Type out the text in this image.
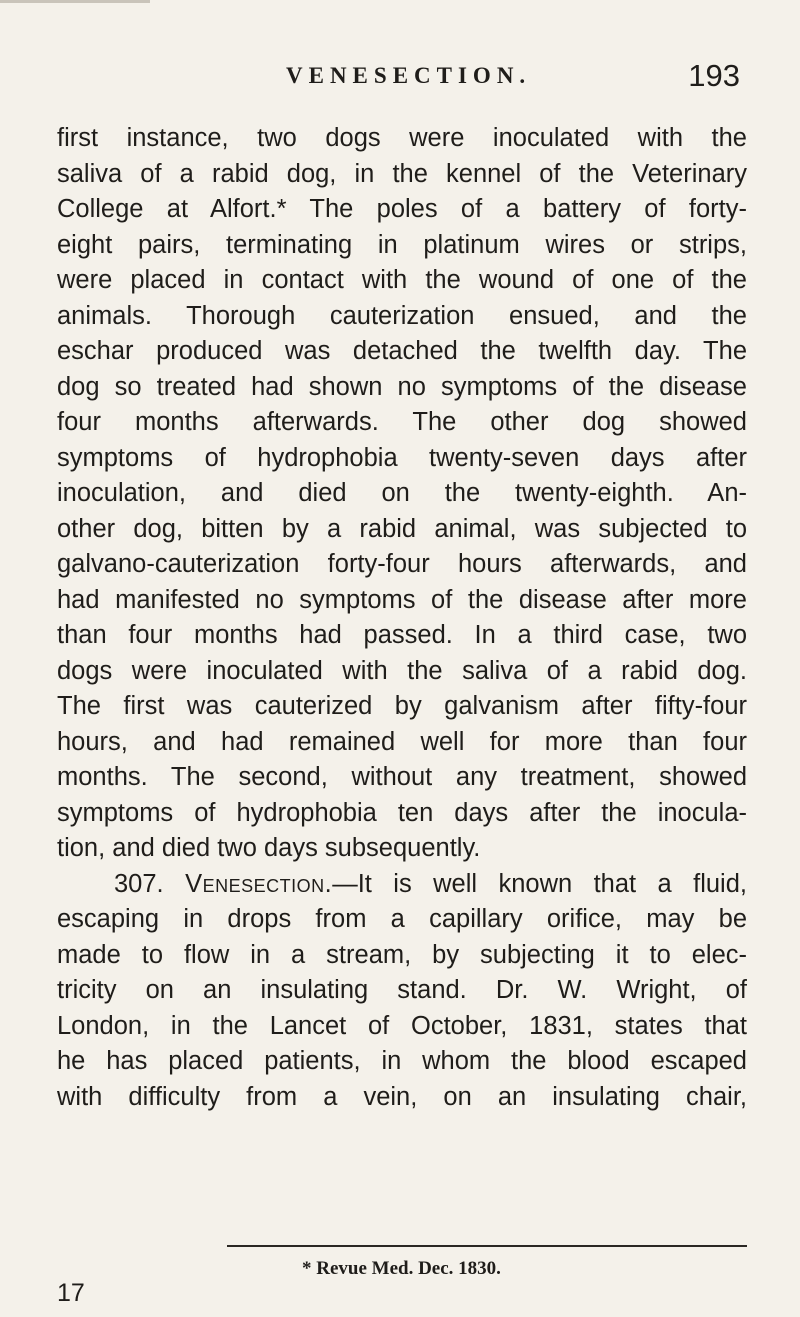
VENESECTION.	193
first instance, two dogs were inoculated with the
saliva of a rabid dog, in the kennel of the Veterinary
College at Alfort.* The poles of a battery of forty-
eight pairs, terminating in platinum wires or strips,
were placed in contact with the wound of one of the
animals. Thorough cauterization ensued, and the
eschar produced was detached the twelfth day. The
dog so treated had shown no symptoms of the disease
four months afterwards. The other dog showed
symptoms of hydrophobia twenty-seven days after
inoculation, and died on the twenty-eighth. An-
other dog, bitten by a rabid animal, was subjected to
galvano-cauterization forty-four hours afterwards, and
had manifested no symptoms of the disease after more
than four months had passed. In a third case, two
dogs were inoculated with the saliva of a rabid dog.
The first was cauterized by galvanism after fifty-four
hours, and had remained well for more than four
months. The second, without any treatment, showed
symptoms of hydrophobia ten days after the inocula-
tion, and died two days subsequently.
307. Venesection.—It is well known that a fluid,
escaping in drops from a capillary orifice, may be
made to flow in a stream, by subjecting it to elec-
tricity on an insulating stand. Dr. W. Wright, of
London, in the Lancet of October, 1831, states that
he has placed patients, in whom the blood escaped
with difficulty from a vein, on an insulating chair,
* Revue Med. Dec. 1830.
17
